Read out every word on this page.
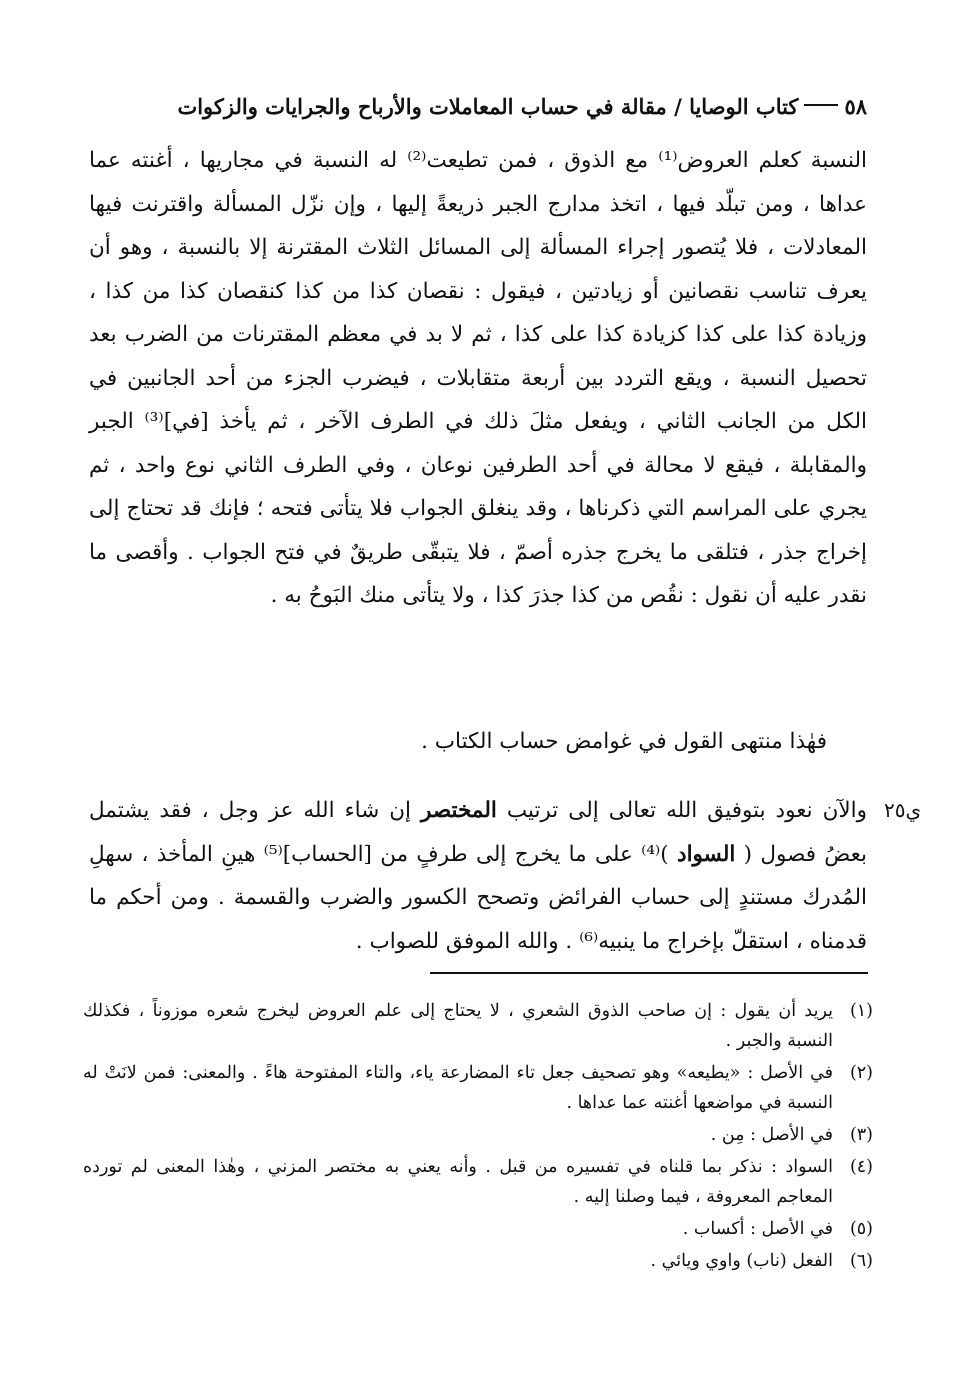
٥٨كتاب الوصايا / مقالة في حساب المعاملات والأرباح والجرايات والزكوات
النسبة كعلم العروض⁽¹⁾ مع الذوق ، فمن تطيعت⁽²⁾ له النسبة في مجاريها ، أغنته عما عداها ، ومن تبلّد فيها ، اتخذ مدارج الجبر ذريعةً إليها ، وإن نزّل المسألة واقترنت فيها المعادلات ، فلا يُتصور إجراء المسألة إلى المسائل الثلاث المقترنة إلا بالنسبة ، وهو أن يعرف تناسب نقصانين أو زيادتين ، فيقول : نقصان كذا من كذا كنقصان كذا من كذا ، وزيادة كذا على كذا كزيادة كذا على كذا ، ثم لا بد في معظم المقترنات من الضرب بعد تحصيل النسبة ، ويقع التردد بين أربعة متقابلات ، فيضرب الجزء من أحد الجانبين في الكل من الجانب الثاني ، ويفعل مثلَ ذلك في الطرف الآخر ، ثم يأخذ [في]⁽³⁾ الجبر والمقابلة ، فيقع لا محالة في أحد الطرفين نوعان ، وفي الطرف الثاني نوع واحد ، ثم يجري على المراسم التي ذكرناها ، وقد ينغلق الجواب فلا يتأتى فتحه ؛ فإنك قد تحتاج إلى إخراج جذر ، فتلقى ما يخرج جذره أصمّ ، فلا يتبقّى طريقٌ في فتح الجواب . وأقصى ما نقدر عليه أن نقول : نقُص من كذا جذرَ كذا ، ولا يتأتى منك البَوحُ به .
فهٰذا منتهى القول في غوامض حساب الكتاب .
ي٢٥
والآن نعود بتوفيق الله تعالى إلى ترتيب المختصر إن شاء الله عز وجل ، فقد يشتمل بعضُ فصول ( السواد )⁽⁴⁾ على ما يخرج إلى طرفٍ من [الحساب]⁽⁵⁾ هينِ المأخذ ، سهلِ المُدرك مستندٍ إلى حساب الفرائض وتصحح الكسور والضرب والقسمة . ومن أحكم ما قدمناه ، استقلّ بإخراج ما ينبيه⁽⁶⁾ . والله الموفق للصواب .
(١)
يريد أن يقول : إن صاحب الذوق الشعري ، لا يحتاج إلى علم العروض ليخرج شعره موزوناً ، فكذلك النسبة والجبر .
(٢)
في الأصل : «يطيعه» وهو تصحيف جعل تاء المضارعة ياء، والتاء المفتوحة هاءً . والمعنى: فمن لانَتْ له النسبة في مواضعها أغنته عما عداها .
(٣)
في الأصل : مِن .
(٤)
السواد : نذكر بما قلناه في تفسيره من قبل . وأنه يعني به مختصر المزني ، وهٰذا المعنى لم تورده المعاجم المعروفة ، فيما وصلنا إليه .
(٥)
في الأصل : أكساب .
(٦)
الفعل (ناب) واوي ويائي .
